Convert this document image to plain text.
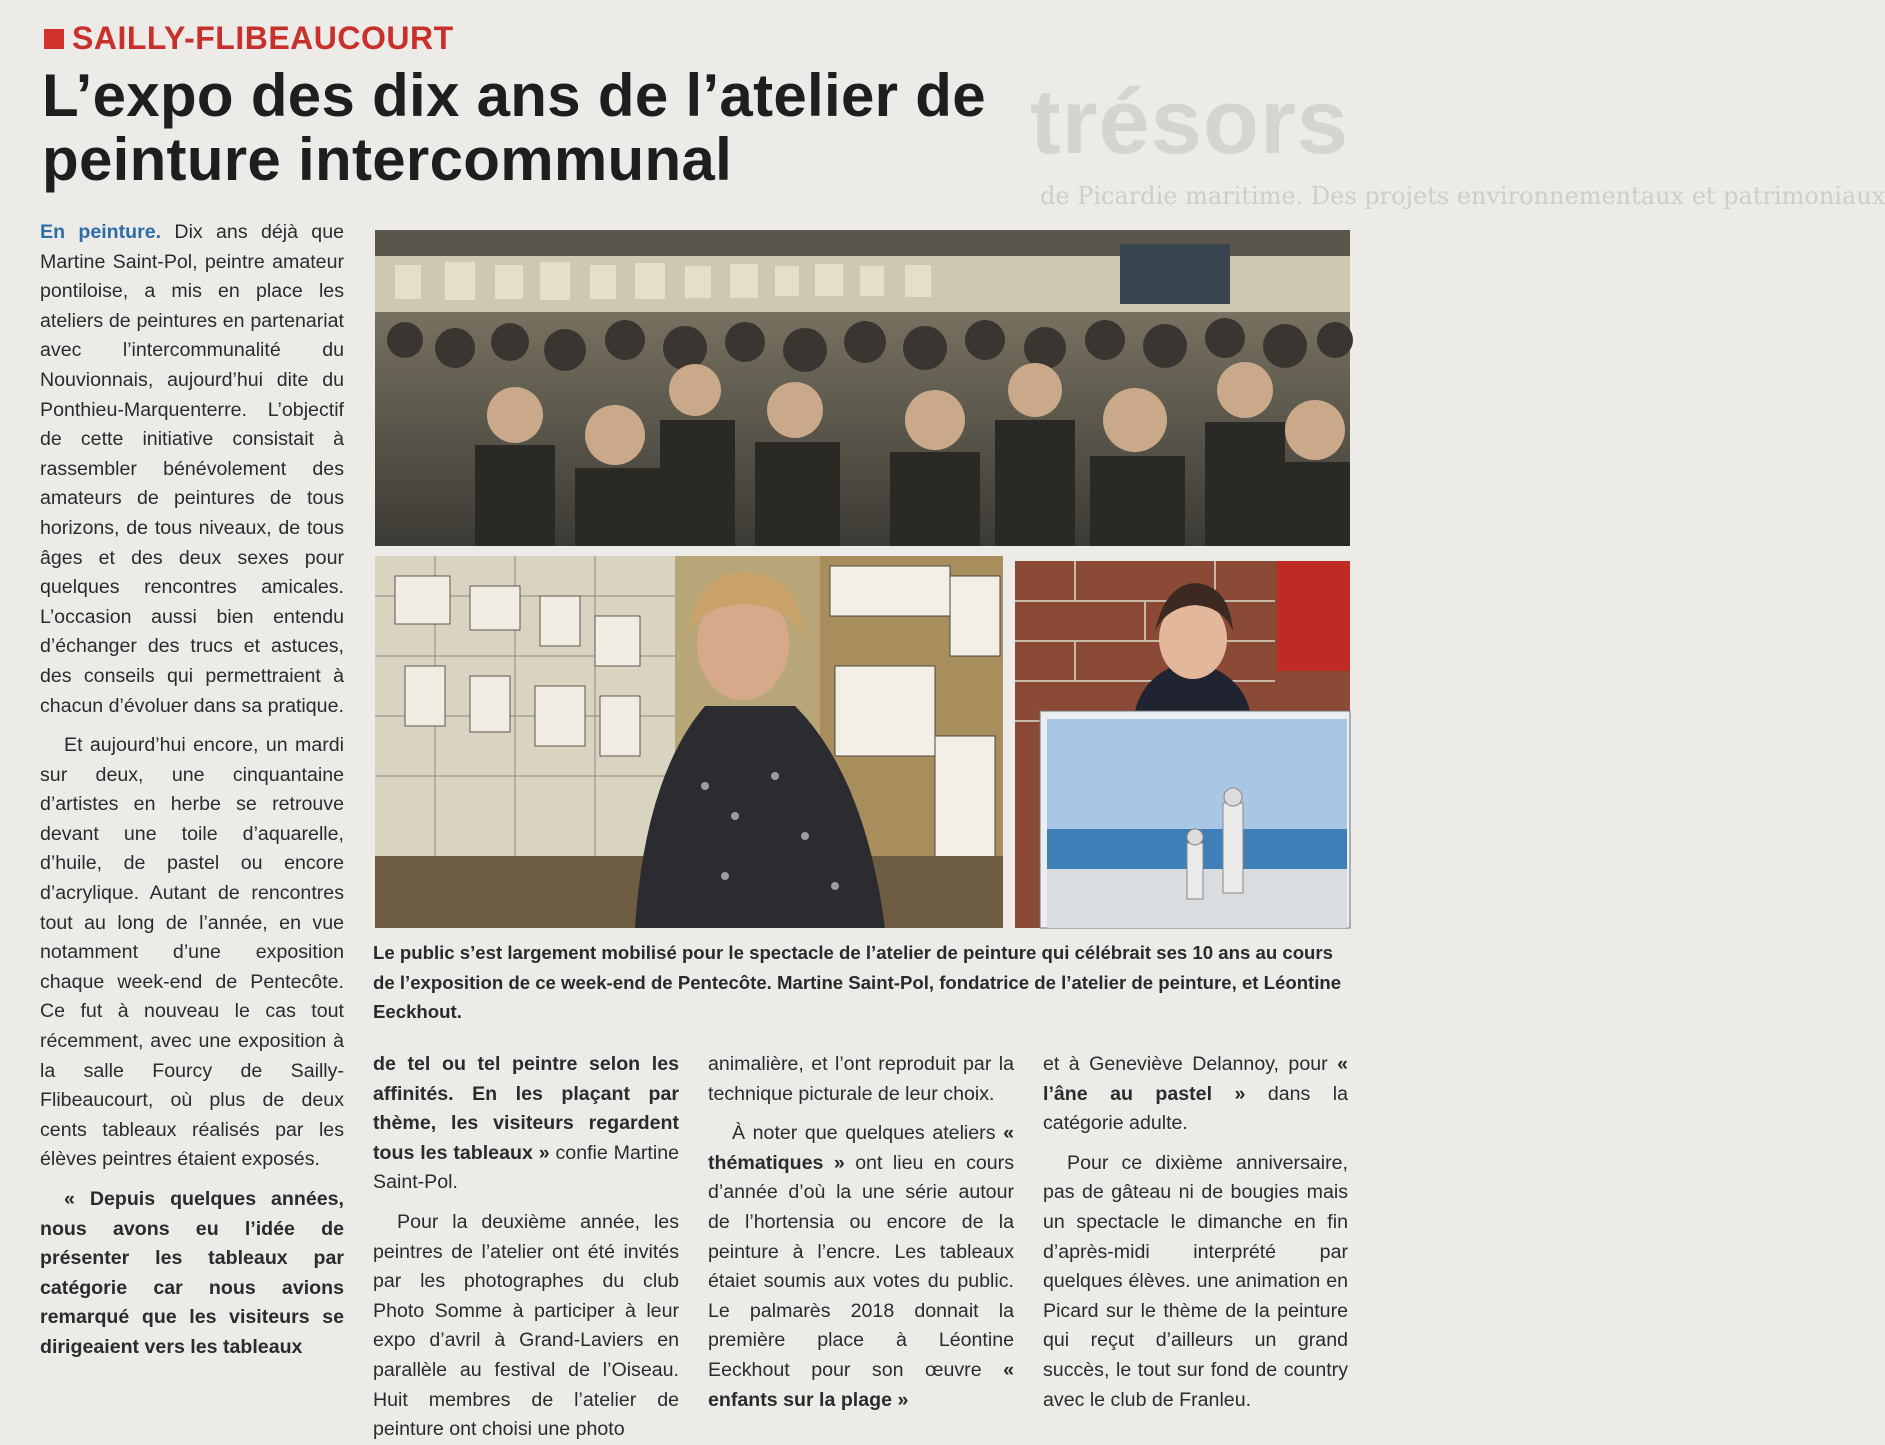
trésors
de Picardie maritime. Des projets environnementaux et patrimoniaux
SAILLY-FLIBEAUCOURT
L’expo des dix ans de l’atelier de peinture intercommunal

En peinture. Dix ans déjà que Martine Saint-Pol, peintre amateur pontiloise, a mis en place les ateliers de peintures en partenariat avec l’intercommunalité du Nouvionnais, aujourd’hui dite du Ponthieu-Marquenterre. L’objectif de cette initiative consistait à rassembler bénévolement des amateurs de peintures de tous horizons, de tous niveaux, de tous âges et des deux sexes pour quelques rencontres amicales. L’occasion aussi bien entendu d’échanger des trucs et astuces, des conseils qui permettraient à chacun d’évoluer dans sa pratique.

Et aujourd’hui encore, un mardi sur deux, une cinquantaine d’artistes en herbe se retrouve devant une toile d’aquarelle, d’huile, de pastel ou encore d’acrylique. Autant de rencontres tout au long de l’année, en vue notamment d’une exposition chaque week-end de Pentecôte. Ce fut à nouveau le cas tout récemment, avec une exposition à la salle Fourcy de Sailly-Flibeaucourt, où plus de deux cents tableaux réalisés par les élèves peintres étaient exposés.

« Depuis quelques années, nous avons eu l’idée de présenter les tableaux par catégorie car nous avions remarqué que les visiteurs se dirigeaient vers les tableaux

Le public s’est largement mobilisé pour le spectacle de l’atelier de peinture qui célébrait ses 10 ans au cours de l’exposition de ce week-end de Pentecôte. Martine Saint-Pol, fondatrice de l’atelier de peinture, et Léontine Eeckhout.

de tel ou tel peintre selon les affinités. En les plaçant par thème, les visiteurs regardent tous les tableaux » confie Martine Saint-Pol.

Pour la deuxième année, les peintres de l’atelier ont été invités par les photographes du club Photo Somme à participer à leur expo d’avril à Grand-Laviers en parallèle au festival de l’Oiseau. Huit membres de l’atelier de peinture ont choisi une photo

animalière, et l’ont reproduit par la technique picturale de leur choix.

À noter que quelques ateliers « thématiques » ont lieu en cours d’année d’où la une série autour de l’hortensia ou encore de la peinture à l’encre. Les tableaux étaiet soumis aux votes du public. Le palmarès 2018 donnait la première place à Léontine Eeckhout pour son œuvre « enfants sur la plage »

et à Geneviève Delannoy, pour « l’âne au pastel » dans la catégorie adulte.

Pour ce dixième anniversaire, pas de gâteau ni de bougies mais un spectacle le dimanche en fin d’après-midi interprété par quelques élèves. une animation en Picard sur le thème de la peinture qui reçut d’ailleurs un grand succès, le tout sur fond de country avec le club de Franleu.
